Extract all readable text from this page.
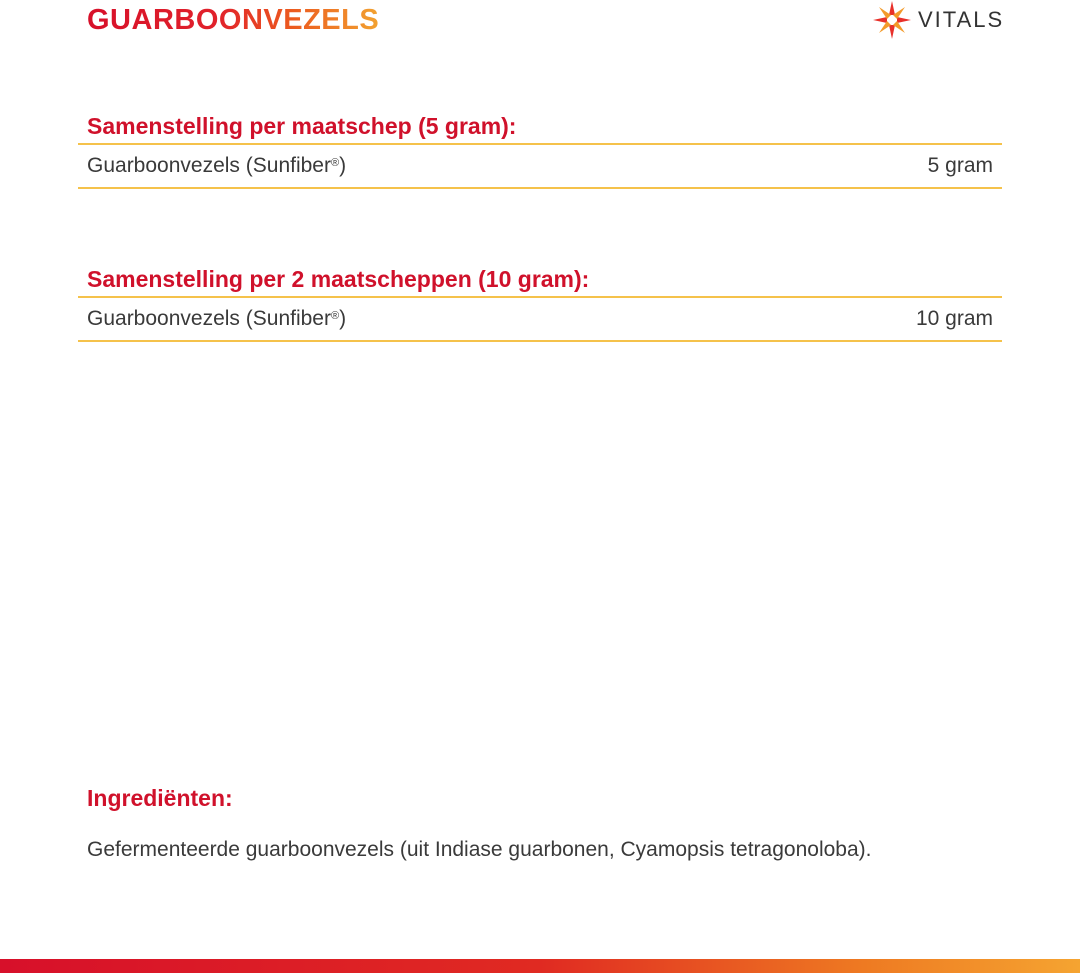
GUARBOONVEZELS	VITALS
Samenstelling per maatschep (5 gram):
Guarboonvezels (Sunfiber®)	5 gram
Samenstelling per 2 maatscheppen (10 gram):
Guarboonvezels (Sunfiber®)	10 gram
Ingrediënten:
Gefermenteerde guarboonvezels (uit Indiase guarbonen, Cyamopsis tetragonoloba).
